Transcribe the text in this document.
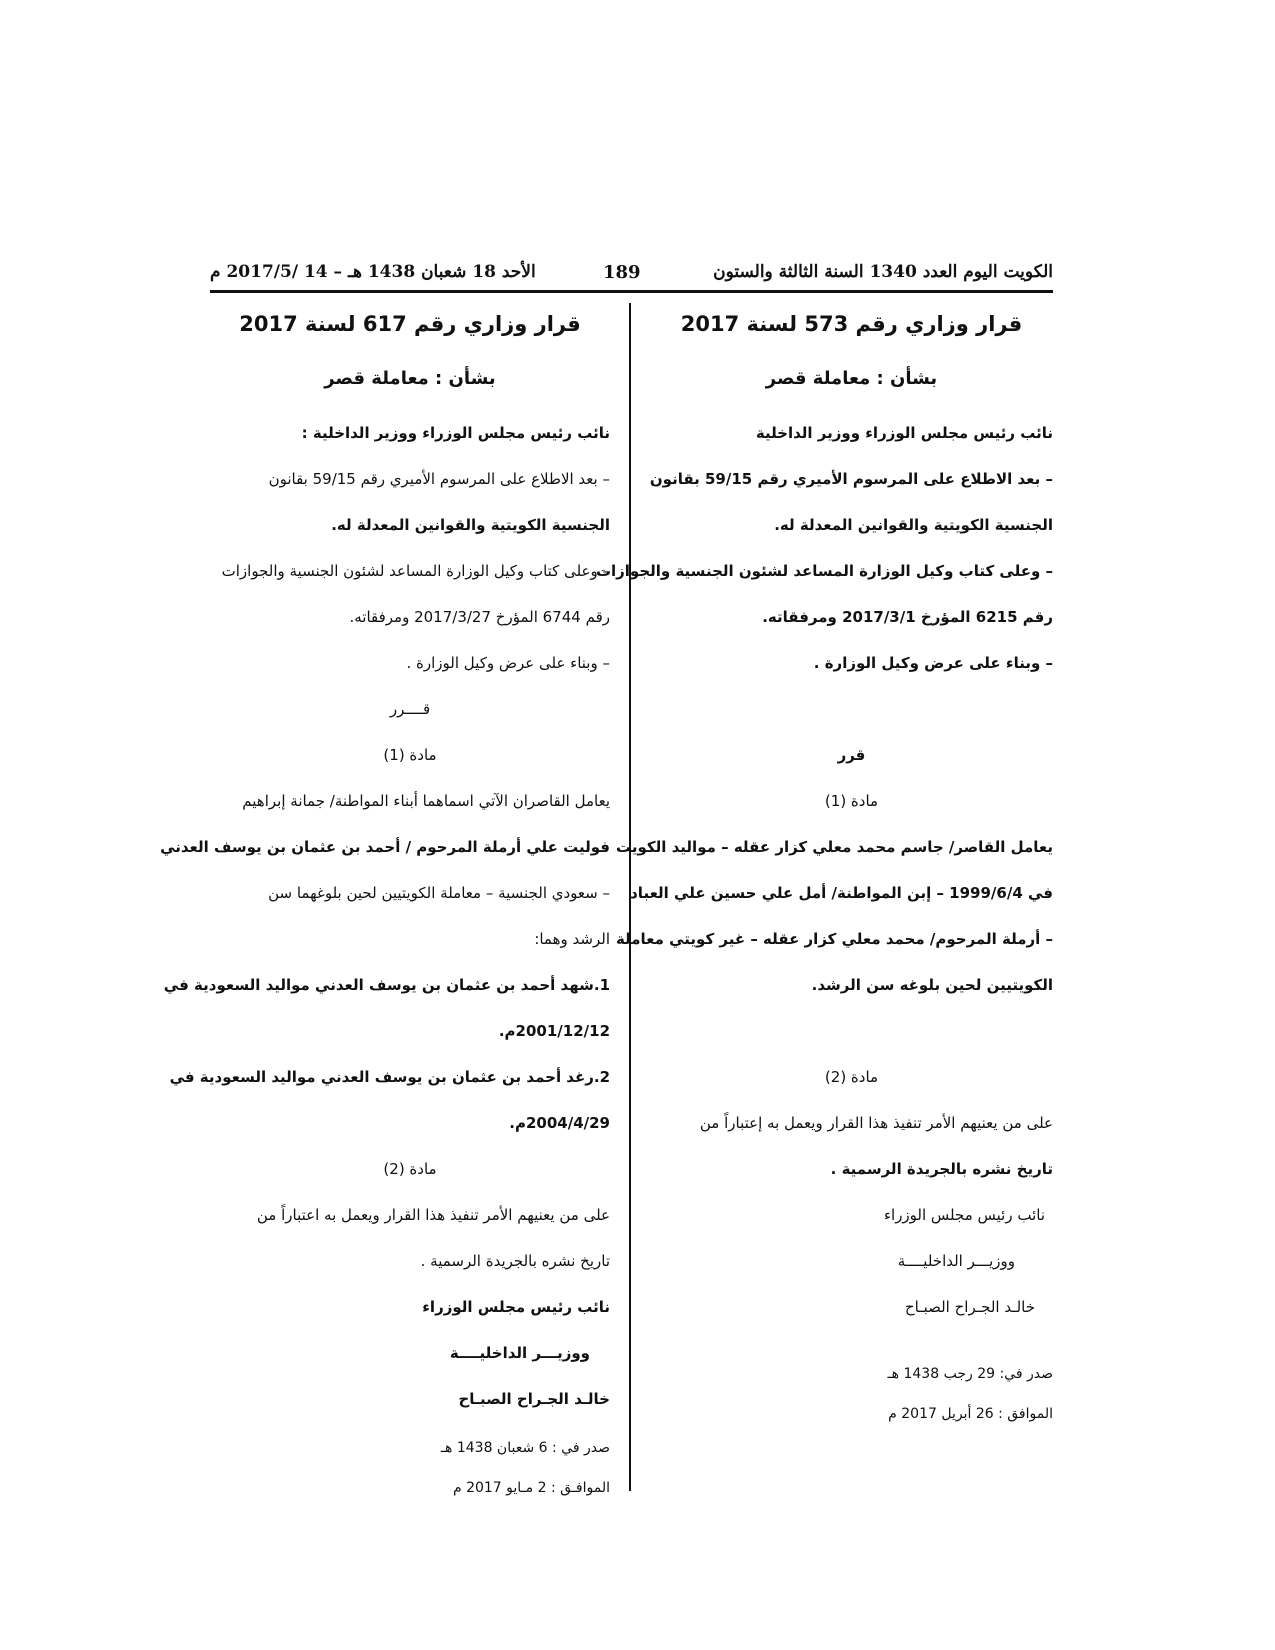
الكويت اليوم العدد 1340 السنة الثالثة والستون
189
الأحد 18 شعبان 1438 هـ – 14 /2017/5 م
قرار وزاري رقم 573 لسنة 2017
بشأن : معاملة قصر
نائب رئيس مجلس الوزراء ووزير الداخلية
– بعد الاطلاع على المرسوم الأميري رقم 59/15 بقانون
الجنسية الكويتية والقوانين المعدلة له.
– وعلى كتاب وكيل الوزارة المساعد لشئون الجنسية والجوازات
رقم 6215 المؤرخ 2017/3/1 ومرفقاته.
– وبناء على عرض وكيل الوزارة .
قرر
مادة (1)
يعامل القاصر/ جاسم محمد معلي كزار عقله – مواليد الكويت
في 1999/6/4 – إبن المواطنة/ أمل علي حسين علي العباد
– أرملة المرحوم/ محمد معلي كزار عقله – غير كويتي معاملة
الكويتيين لحين بلوغه سن الرشد.
مادة (2)
على من يعنيهم الأمر تنفيذ هذا القرار ويعمل به إعتباراً من
تاريخ نشره بالجريدة الرسمية .
نائب رئيس مجلس الوزراء
ووزيـــر الداخليــــة
خالـد الجـراح الصبـاح
صدر في: 29 رجب 1438 هـ
الموافق : 26 أبريل 2017 م
قرار وزاري رقم 617 لسنة 2017
بشأن : معاملة قصر
نائب رئيس مجلس الوزراء ووزير الداخلية :
– بعد الاطلاع على المرسوم الأميري رقم 59/15 بقانون
الجنسية الكويتية والقوانين المعدلة له.
– وعلى كتاب وكيل الوزارة المساعد لشئون الجنسية والجوازات
رقم 6744 المؤرخ 2017/3/27 ومرفقاته.
– وبناء على عرض وكيل الوزارة .
قــــرر
مادة (1)
يعامل القاصران الآتي اسماهما أبناء المواطنة/ جمانة إبراهيم
فوليت علي أرملة المرحوم / أحمد بن عثمان بن يوسف العدني
– سعودي الجنسية – معاملة الكويتيين لحين بلوغهما سن
الرشد وهما:
1.شهد أحمد بن عثمان بن يوسف العدني مواليد السعودية في
2001/12/12م.
2.رغد أحمد بن عثمان بن يوسف العدني مواليد السعودية في
2004/4/29م.
مادة (2)
على من يعنيهم الأمر تنفيذ هذا القرار ويعمل به اعتباراً من
تاريخ نشره بالجريدة الرسمية .
نائب رئيس مجلس الوزراء
ووزيـــر الداخليــــة
خالـد الجـراح الصبـاح
صدر في : 6 شعبان 1438 هـ
الموافـق : 2 مـايو 2017 م
